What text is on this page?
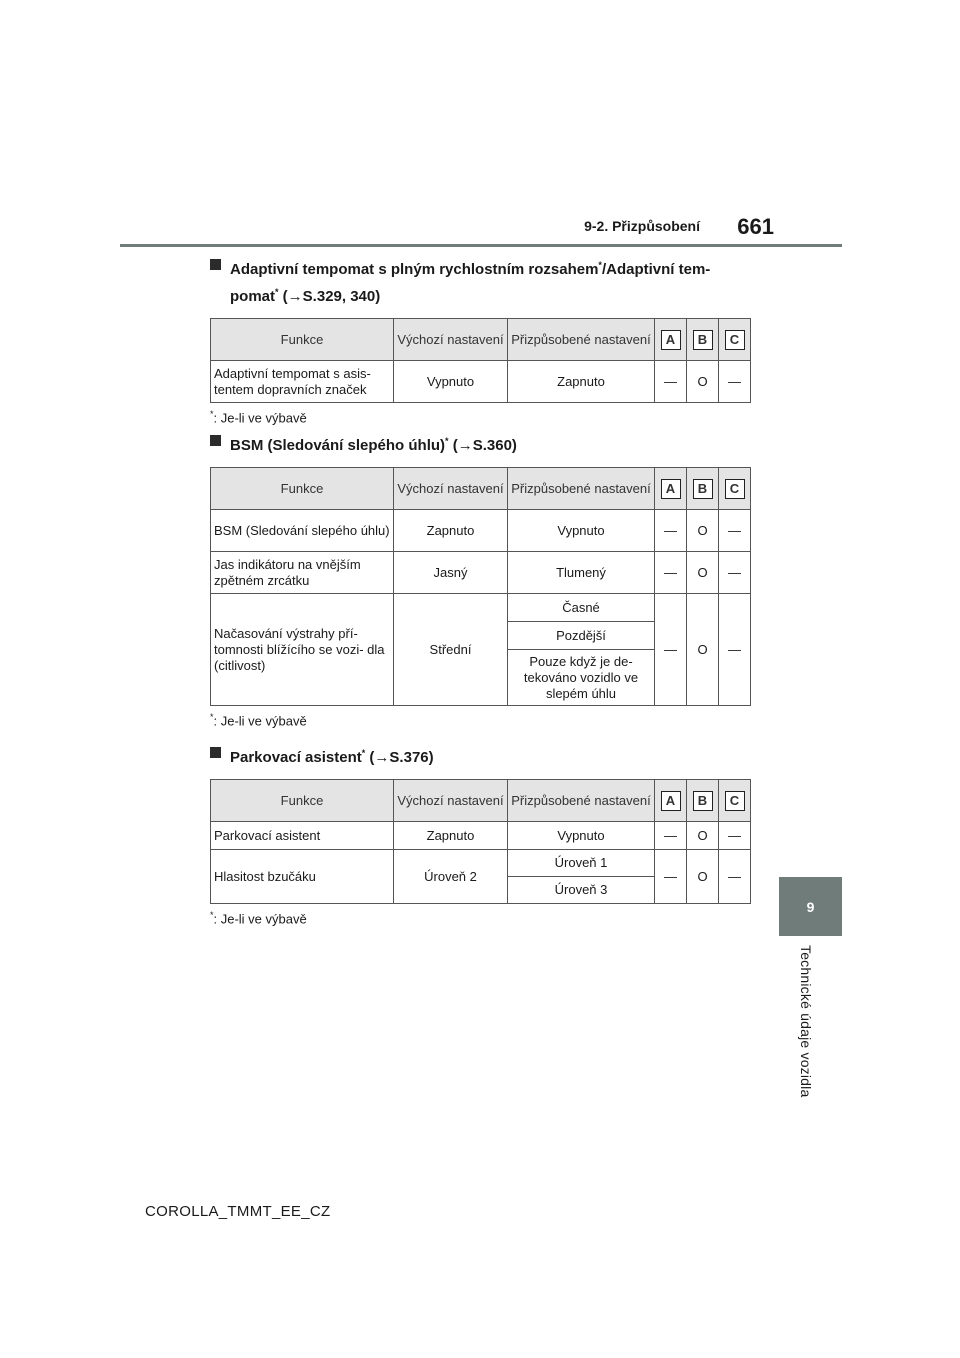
9-2. Přizpůsobení	661
9
Technické údaje vozidla

Adaptivní tempomat s plným rychlostním rozsahem*/Adaptivní tem-
pomat* (→S.329, 340)

Funkce	Výchozí nastavení	Přizpůsobené nastavení	A	B	C
Adaptivní tempomat s asis- tentem dopravních značek	Vypnuto	Zapnuto	—	O	—
*: Je-li ve výbavě

BSM (Sledování slepého úhlu)* (→S.360)

Funkce	Výchozí nastavení	Přizpůsobené nastavení	A	B	C
BSM (Sledování slepého úhlu)	Zapnuto	Vypnuto	—	O	—
Jas indikátoru na vnějším zpětném zrcátku	Jasný	Tlumený	—	O	—
Načasování výstrahy pří- tomnosti blížícího se vozi- dla (citlivost)	Střední	Časné	—	O	—
		Pozdější			
		Pouze když je de- tekováno vozidlo ve slepém úhlu			
*: Je-li ve výbavě

Parkovací asistent* (→S.376)

Funkce	Výchozí nastavení	Přizpůsobené nastavení	A	B	C
Parkovací asistent	Zapnuto	Vypnuto	—	O	—
Hlasitost bzučáku	Úroveň 2	Úroveň 1	—	O	—
		Úroveň 3			
*: Je-li ve výbavě
COROLLA_TMMT_EE_CZ
